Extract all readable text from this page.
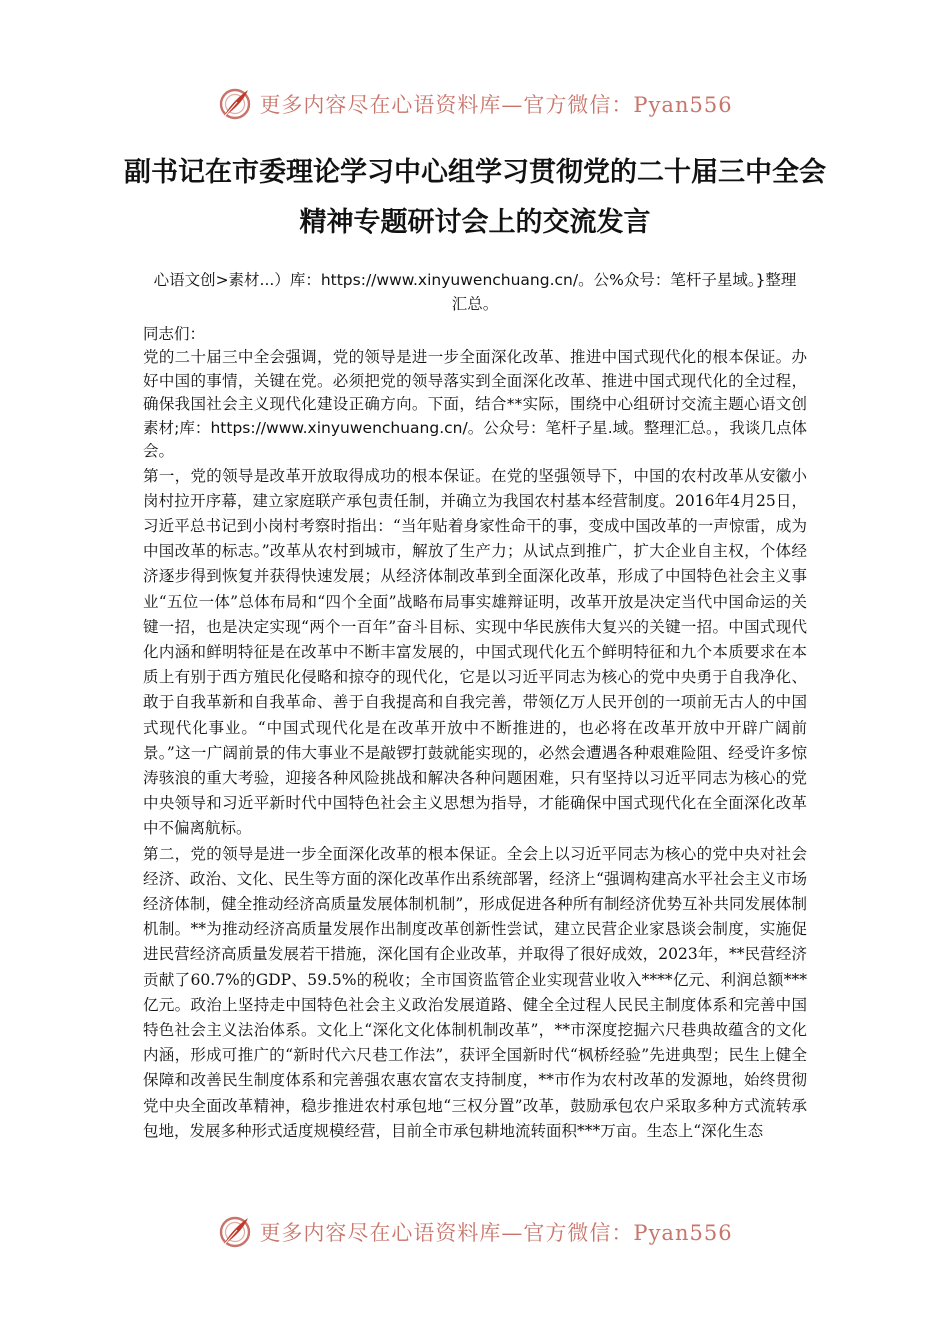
更多内容尽在心语资料库—官方微信：Pyan556
副书记在市委理论学习中心组学习贯彻党的二十届三中全会精神专题研讨会上的交流发言
心语文创>素材...）库：https://www.xinyuwenchuang.cn/。公%众号：笔杆子星域。}整理汇总。

同志们：

党的二十届三中全会强调，党的领导是进一步全面深化改革、推进中国式现代化的根本保证。办好中国的事情，关键在党。必须把党的领导落实到全面深化改革、推进中国式现代化的全过程，确保我国社会主义现代化建设正确方向。下面，结合**实际，围绕中心组研讨交流主题心语文创素材;库：https://www.xinyuwenchuang.cn/。公众号：笔杆子星.域。整理汇总。，我谈几点体会。

第一，党的领导是改革开放取得成功的根本保证。在党的坚强领导下，中国的农村改革从安徽小岗村拉开序幕，建立家庭联产承包责任制，并确立为我国农村基本经营制度。2016年4月25日，习近平总书记到小岗村考察时指出：“当年贴着身家性命干的事，变成中国改革的一声惊雷，成为中国改革的标志。”改革从农村到城市，解放了生产力；从试点到推广，扩大企业自主权，个体经济逐步得到恢复并获得快速发展；从经济体制改革到全面深化改革，形成了中国特色社会主义事业“五位一体”总体布局和“四个全面”战略布局事实雄辩证明，改革开放是决定当代中国命运的关键一招，也是决定实现“两个一百年”奋斗目标、实现中华民族伟大复兴的关键一招。中国式现代化内涵和鲜明特征是在改革中不断丰富发展的，中国式现代化五个鲜明特征和九个本质要求在本质上有别于西方殖民化侵略和掠夺的现代化，它是以习近平同志为核心的党中央勇于自我净化、敢于自我革新和自我革命、善于自我提高和自我完善，带领亿万人民开创的一项前无古人的中国式现代化事业。“中国式现代化是在改革开放中不断推进的，也必将在改革开放中开辟广阔前景。”这一广阔前景的伟大事业不是敲锣打鼓就能实现的，必然会遭遇各种艰难险阻、经受许多惊涛骇浪的重大考验，迎接各种风险挑战和解决各种问题困难，只有坚持以习近平同志为核心的党中央领导和习近平新时代中国特色社会主义思想为指导，才能确保中国式现代化在全面深化改革中不偏离航标。

第二，党的领导是进一步全面深化改革的根本保证。全会上以习近平同志为核心的党中央对社会经济、政治、文化、民生等方面的深化改革作出系统部署，经济上“强调构建高水平社会主义市场经济体制，健全推动经济高质量发展体制机制”，形成促进各种所有制经济优势互补共同发展体制机制。**为推动经济高质量发展作出制度改革创新性尝试，建立民营企业家恳谈会制度，实施促进民营经济高质量发展若干措施，深化国有企业改革，并取得了很好成效，2023年，**民营经济贡献了60.7%的GDP、59.5%的税收；全市国资监管企业实现营业收入****亿元、利润总额***亿元。政治上坚持走中国特色社会主义政治发展道路、健全全过程人民民主制度体系和完善中国特色社会主义法治体系。文化上“深化文化体制机制改革”，**市深度挖掘六尺巷典故蕴含的文化内涵，形成可推广的“新时代六尺巷工作法”，获评全国新时代“枫桥经验”先进典型；民生上健全保障和改善民生制度体系和完善强农惠农富农支持制度，**市作为农村改革的发源地，始终贯彻党中央全面改革精神，稳步推进农村承包地“三权分置”改革，鼓励承包农户采取多种方式流转承包地，发展多种形式适度规模经营，目前全市承包耕地流转面积***万亩。生态上“深化生态

更多内容尽在心语资料库—官方微信：Pyan556
